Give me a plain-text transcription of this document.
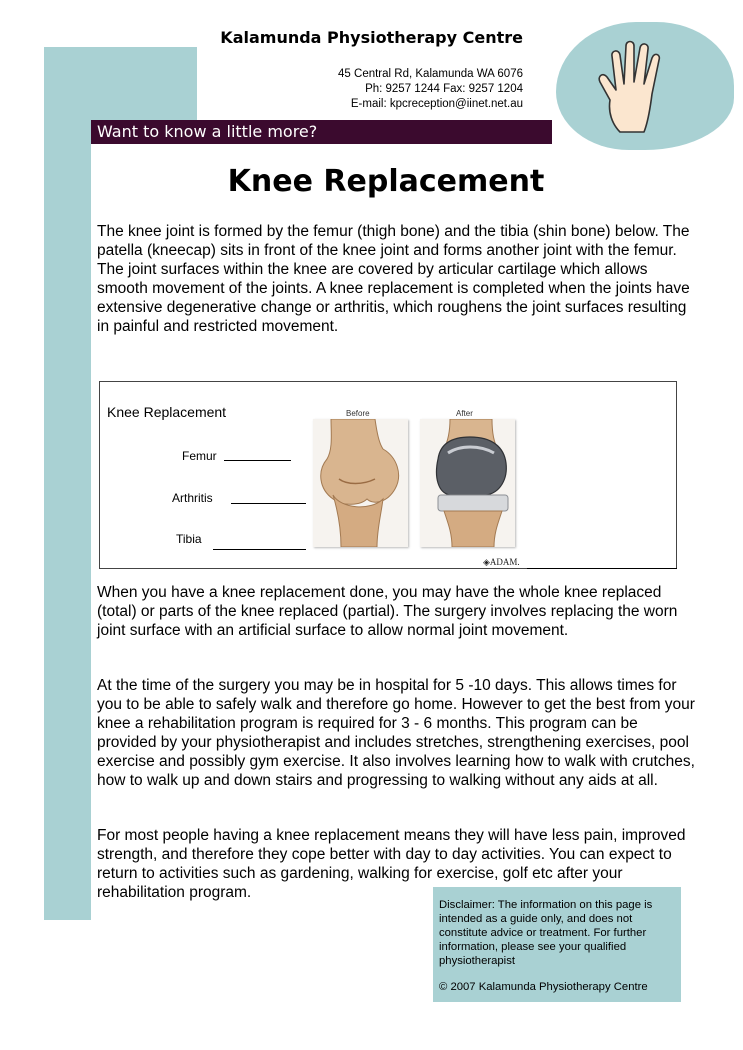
Kalamunda Physiotherapy Centre
45 Central Rd, Kalamunda WA 6076
Ph: 9257 1244 Fax: 9257 1204
E-mail: kpcreception@iinet.net.au
Want to know a little more?
Knee Replacement
The knee joint is formed by the femur (thigh bone) and the tibia (shin bone) below. The patella (kneecap) sits in front of the knee joint and forms another joint with the femur. The joint surfaces within the knee are covered by articular cartilage which allows smooth movement of the joints. A knee replacement is completed when the joints have extensive degenerative change or arthritis, which roughens the joint surfaces resulting in painful and restricted movement.
Knee Replacement
Femur
Arthritis
Tibia
Before	After
◈ADAM.
When you have a knee replacement done, you may have the whole knee replaced (total) or parts of the knee replaced (partial). The surgery involves replacing the worn joint surface with an artificial surface to allow normal joint movement.
At the time of the surgery you may be in hospital for 5 -10 days. This allows times for you to be able to safely walk and therefore go home. However to get the best from your knee a rehabilitation program is required for 3 - 6 months. This program can be provided by your physiotherapist and includes stretches, strengthening exercises, pool exercise and possibly gym exercise. It also involves learning how to walk with crutches, how to walk up and down stairs and progressing to walking without any aids at all.
For most people having a knee replacement means they will have less pain, improved strength, and therefore they cope better with day to day activities. You can expect to return to activities such as gardening, walking for exercise, golf etc after your rehabilitation program.
Disclaimer: The information on this page is intended as a guide only, and does not constitute advice or treatment. For further information, please see your qualified physiotherapist
© 2007 Kalamunda Physiotherapy Centre
